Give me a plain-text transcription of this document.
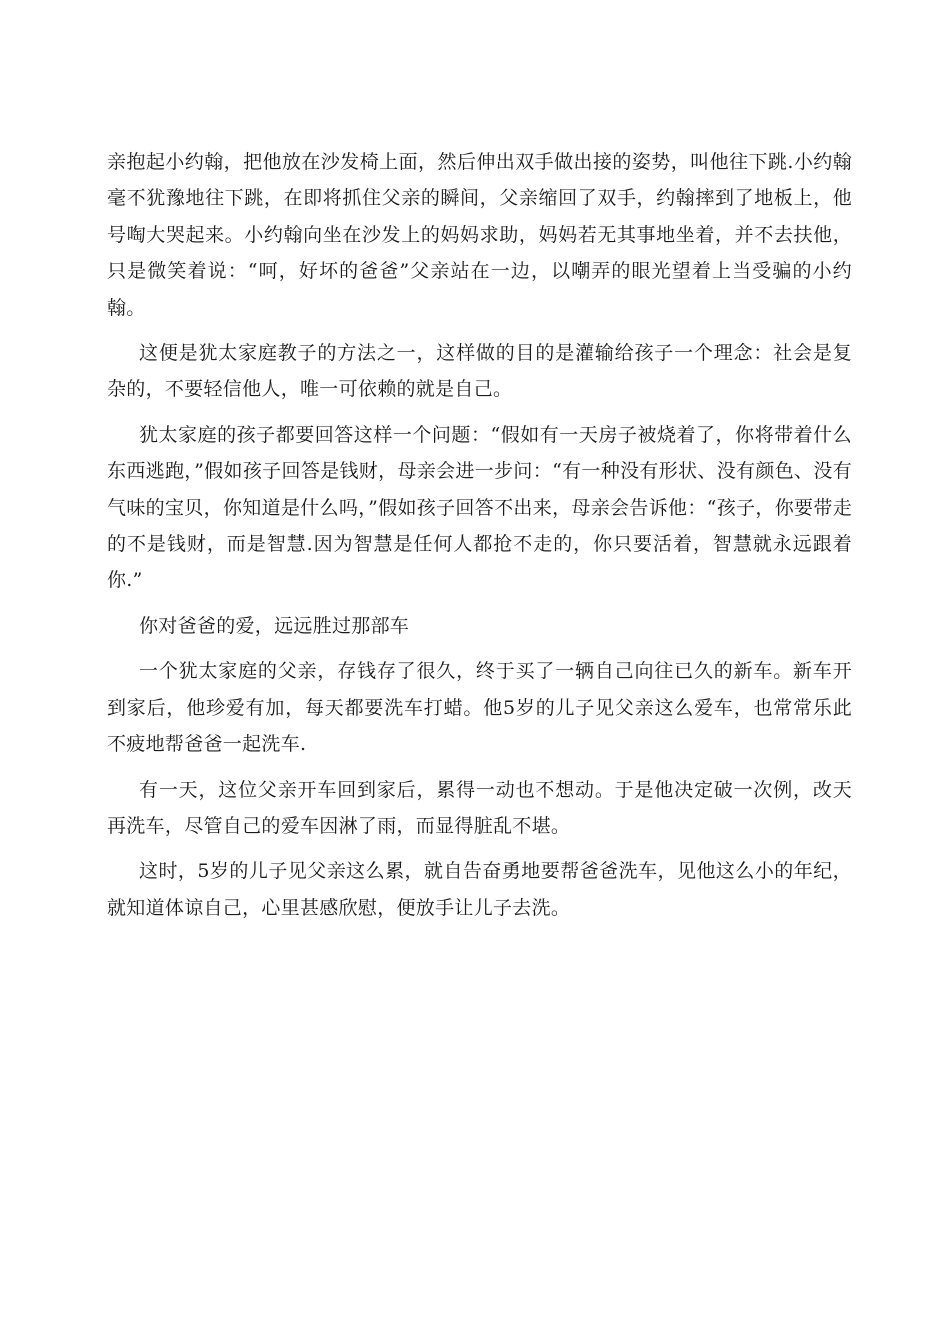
亲抱起小约翰，把他放在沙发椅上面，然后伸出双手做出接的姿势，叫他往下跳.小约翰毫不犹豫地往下跳，在即将抓住父亲的瞬间，父亲缩回了双手，约翰摔到了地板上，他号啕大哭起来。小约翰向坐在沙发上的妈妈求助，妈妈若无其事地坐着，并不去扶他，只是微笑着说：“呵，好坏的爸爸”父亲站在一边，以嘲弄的眼光望着上当受骗的小约翰。

这便是犹太家庭教子的方法之一，这样做的目的是灌输给孩子一个理念：社会是复杂的，不要轻信他人，唯一可依赖的就是自己。

犹太家庭的孩子都要回答这样一个问题：“假如有一天房子被烧着了，你将带着什么东西逃跑，”假如孩子回答是钱财，母亲会进一步问：“有一种没有形状、没有颜色、没有气味的宝贝，你知道是什么吗，”假如孩子回答不出来，母亲会告诉他：“孩子，你要带走的不是钱财，而是智慧.因为智慧是任何人都抢不走的，你只要活着，智慧就永远跟着你.”

你对爸爸的爱，远远胜过那部车

一个犹太家庭的父亲，存钱存了很久，终于买了一辆自己向往已久的新车。新车开到家后，他珍爱有加，每天都要洗车打蜡。他5岁的儿子见父亲这么爱车，也常常乐此不疲地帮爸爸一起洗车.

有一天，这位父亲开车回到家后，累得一动也不想动。于是他决定破一次例，改天再洗车，尽管自己的爱车因淋了雨，而显得脏乱不堪。

这时，5岁的儿子见父亲这么累，就自告奋勇地要帮爸爸洗车，见他这么小的年纪，就知道体谅自己，心里甚感欣慰，便放手让儿子去洗。
